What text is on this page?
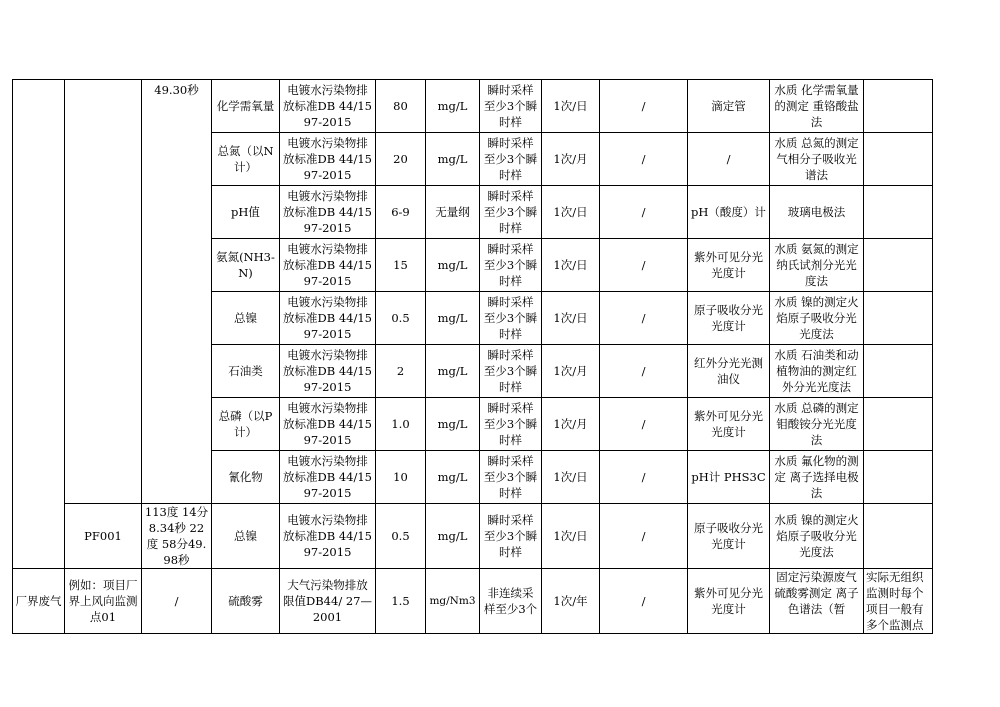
		49.30秒	化学需氧量	电镀水污染物排放标准DB 44/1597-2015	80	mg/L	瞬时采样至少3个瞬时样	1次/日	/	滴定管	水质 化学需氧量的测定 重铬酸盐法	
			总氮（以N计）	电镀水污染物排放标准DB 44/1597-2015	20	mg/L	瞬时采样至少3个瞬时样	1次/月	/	/	水质 总氮的测定 气相分子吸收光谱法	
			pH值	电镀水污染物排放标准DB 44/1597-2015	6-9	无量纲	瞬时采样至少3个瞬时样	1次/日	/	pH（酸度）计	玻璃电极法	
			氨氮(NH3-N)	电镀水污染物排放标准DB 44/1597-2015	15	mg/L	瞬时采样至少3个瞬时样	1次/日	/	紫外可见分光光度计	水质 氨氮的测定 纳氏试剂分光光度法	
			总镍	电镀水污染物排放标准DB 44/1597-2015	0.5	mg/L	瞬时采样至少3个瞬时样	1次/日	/	原子吸收分光光度计	水质 镍的测定火焰原子吸收分光光度法	
			石油类	电镀水污染物排放标准DB 44/1597-2015	2	mg/L	瞬时采样至少3个瞬时样	1次/月	/	红外分光光测油仪	水质 石油类和动植物油的测定红外分光光度法	
			总磷（以P计）	电镀水污染物排放标准DB 44/1597-2015	1.0	mg/L	瞬时采样至少3个瞬时样	1次/月	/	紫外可见分光光度计	水质 总磷的测定 钼酸铵分光光度法	
			氰化物	电镀水污染物排放标准DB 44/1597-2015	10	mg/L	瞬时采样至少3个瞬时样	1次/日	/	pH计 PHS3C	水质 氟化物的测定 离子选择电极法	
	PF001	113度 14分8.34秒 22度 58分49.98秒	总镍	电镀水污染物排放标准DB 44/1597-2015	0.5	mg/L	瞬时采样至少3个瞬时样	1次/日	/	原子吸收分光光度计	水质 镍的测定火焰原子吸收分光光度法	
厂界废气	例如：项目厂界上风向监测点01	/	硫酸雾	大气污染物排放限值DB44/ 27—2001	1.5	mg/Nm3	非连续采样至少3个	1次/年	/	紫外可见分光光度计	固定污染源废气硫酸雾测定 离子色谱法（暂	实际无组织监测时每个项目一般有多个监测点
